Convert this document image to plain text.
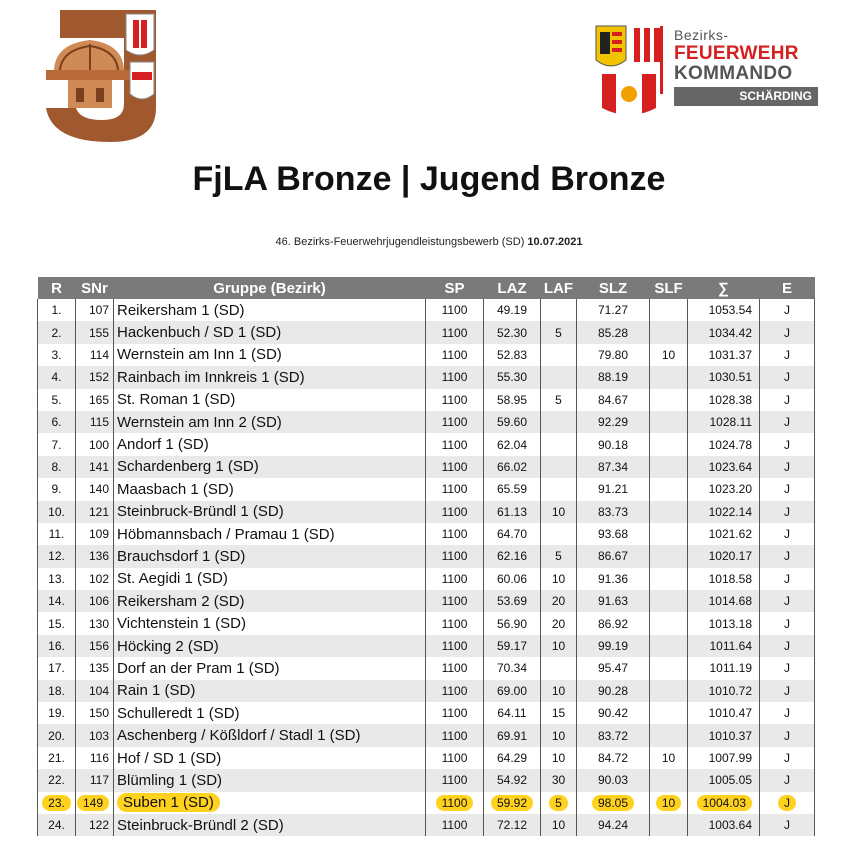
Bezirks-
FEUERWEHR
KOMMANDO
SCHÄRDING
FjLA Bronze | Jugend Bronze
46. Bezirks-Feuerwehrjugendleistungsbewerb (SD) 10.07.2021
R	SNr	Gruppe (Bezirk)	SP	LAZ	LAF	SLZ	SLF	∑	E
1.	107	Reikersham 1 (SD)	1100	49.19		71.27		1053.54	J
2.	155	Hackenbuch / SD 1 (SD)	1100	52.30	5	85.28		1034.42	J
3.	114	Wernstein am Inn 1 (SD)	1100	52.83		79.80	10	1031.37	J
4.	152	Rainbach im Innkreis 1 (SD)	1100	55.30		88.19		1030.51	J
5.	165	St. Roman 1 (SD)	1100	58.95	5	84.67		1028.38	J
6.	115	Wernstein am Inn 2 (SD)	1100	59.60		92.29		1028.11	J
7.	100	Andorf 1 (SD)	1100	62.04		90.18		1024.78	J
8.	141	Schardenberg 1 (SD)	1100	66.02		87.34		1023.64	J
9.	140	Maasbach 1 (SD)	1100	65.59		91.21		1023.20	J
10.	121	Steinbruck-Bründl 1 (SD)	1100	61.13	10	83.73		1022.14	J
11.	109	Höbmannsbach / Pramau 1 (SD)	1100	64.70		93.68		1021.62	J
12.	136	Brauchsdorf 1 (SD)	1100	62.16	5	86.67		1020.17	J
13.	102	St. Aegidi 1 (SD)	1100	60.06	10	91.36		1018.58	J
14.	106	Reikersham 2 (SD)	1100	53.69	20	91.63		1014.68	J
15.	130	Vichtenstein 1 (SD)	1100	56.90	20	86.92		1013.18	J
16.	156	Höcking 2 (SD)	1100	59.17	10	99.19		1011.64	J
17.	135	Dorf an der Pram 1 (SD)	1100	70.34		95.47		1011.19	J
18.	104	Rain 1 (SD)	1100	69.00	10	90.28		1010.72	J
19.	150	Schulleredt 1 (SD)	1100	64.11	15	90.42		1010.47	J
20.	103	Aschenberg / Kößldorf / Stadl 1 (SD)	1100	69.91	10	83.72		1010.37	J
21.	116	Hof / SD 1 (SD)	1100	64.29	10	84.72	10	1007.99	J
22.	117	Blümling 1 (SD)	1100	54.92	30	90.03		1005.05	J
23.	149	Suben 1 (SD)	1100	59.92	5	98.05	10	1004.03	J
24.	122	Steinbruck-Bründl 2 (SD)	1100	72.12	10	94.24		1003.64	J
